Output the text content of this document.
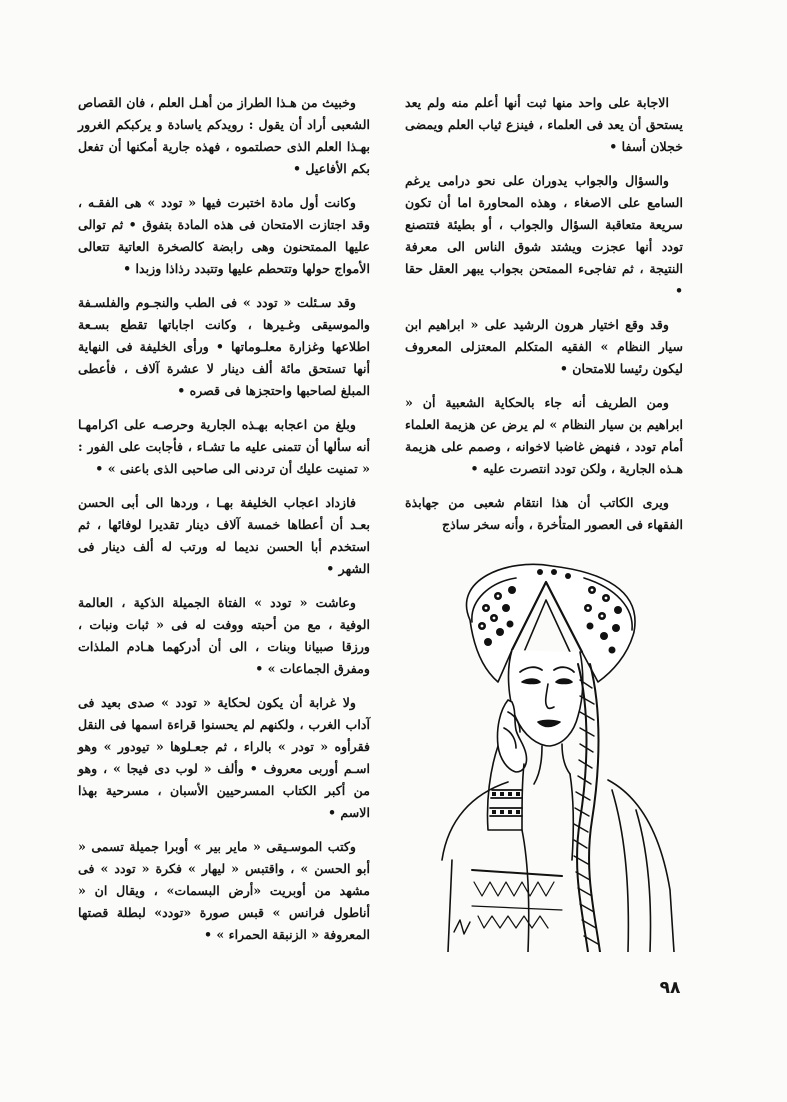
الاجابة على واحد منها ثبت أنها أعلم منه ولم يعد يستحق أن يعد فى العلماء ، فينزع ثياب العلم ويمضى خجلان أسفا •

والسؤال والجواب يدوران على نحو درامى يرغم السامع على الاصغاء ، وهذه المحاورة اما أن تكون سريعة متعاقبة السؤال والجواب ، أو بطيئة فتتصنع تودد أنها عجزت ويشتد شوق الناس الى معرفة النتيجة ، ثم تفاجىء الممتحن بجواب يبهر العقل حقا •

وقد وقع اختيار هرون الرشيد على « ابراهيم ابن سيار النظام » الفقيه المتكلم المعتزلى المعروف ليكون رئيسا للامتحان •

ومن الطريف أنه جاء بالحكاية الشعبية أن « ابراهيم بن سيار النظام » لم يرض عن هزيمة العلماء أمام تودد ، فنهض غاضبا لاخوانه ، وصمم على هزيمة هـذه الجارية ، ولكن تودد انتصرت عليه •

ويرى الكاتب أن هذا انتقام شعبى من جهابذة الفقهاء فى العصور المتأخرة ، وأنه سخر ساذج

وخبيث من هـذا الطراز من أهـل العلم ، فان القصاص الشعبى أراد أن يقول : رويدكم ياسادة و يركبكم الغرور بهـذا العلم الذى حصلتموه ، فهذه جارية أمكنها أن تفعل بكم الأفاعيل •

وكانت أول مادة اختبرت فيها « تودد » هى الفقـه ، وقد اجتازت الامتحان فى هذه المادة بتفوق • ثم توالى عليها الممتحنون وهى رابضة كالصخرة العاتية تتعالى الأمواج حولها وتتحطم عليها وتتبدد رذاذا وزبدا •

وقد سـئلت « تودد » فى الطب والنجـوم والفلسـفة والموسيقى وغـيرها ، وكانت اجاباتها تقطع بسـعة اطلاعها وغزارة معلـوماتها • ورأى الخليفة فى النهاية أنها تستحق مائة ألف دينار لا عشرة آلاف ، فأعطى المبلغ لصاحبها واحتجزها فى قصره •

وبلغ من اعجابه بهـذه الجارية وحرصـه على اكرامهـا أنه سألها أن تتمنى عليه ما تشـاء ، فأجابت على الفور : « تمنيت عليك أن تردنى الى صاحبى الذى باعنى » •

فازداد اعجاب الخليفة بهـا ، وردها الى أبى الحسن بعـد أن أعطاها خمسة آلاف دينار تقديرا لوفائها ، ثم استخدم أبا الحسن نديما له ورتب له ألف دينار فى الشهر •

وعاشت « تودد » الفتاة الجميلة الذكية ، العالمة الوفية ، مع من أحبته ووفت له فى « ثبات ونبات ، ورزقا صبيانا وبنات ، الى أن أدركهما هـادم الملذات ومفرق الجماعات » •

ولا غرابة أن يكون لحكاية « تودد » صدى بعيد فى آداب الغرب ، ولكنهم لم يحسنوا قراءة اسمها فى النقل فقرأوه « تودر » بالراء ، ثم جعـلوها « تيودور » وهو اسـم أوربى معروف • وألف « لوب دى فيجا » ، وهو من أكبر الكتاب المسرحيين الأسبان ، مسرحية بهذا الاسم •

وكتب الموسـيقى « ماير بير » أوبرا جميلة تسمى « أبو الحسن » ، واقتبس « ليهار » فكرة « تودد » فى مشهد من أوبريت «أرض البسمات» ، ويقال ان « أناطول فرانس » قبس صورة «تودد» لبطلة قصتها المعروفة « الزنبقة الحمراء » •

٩٨
